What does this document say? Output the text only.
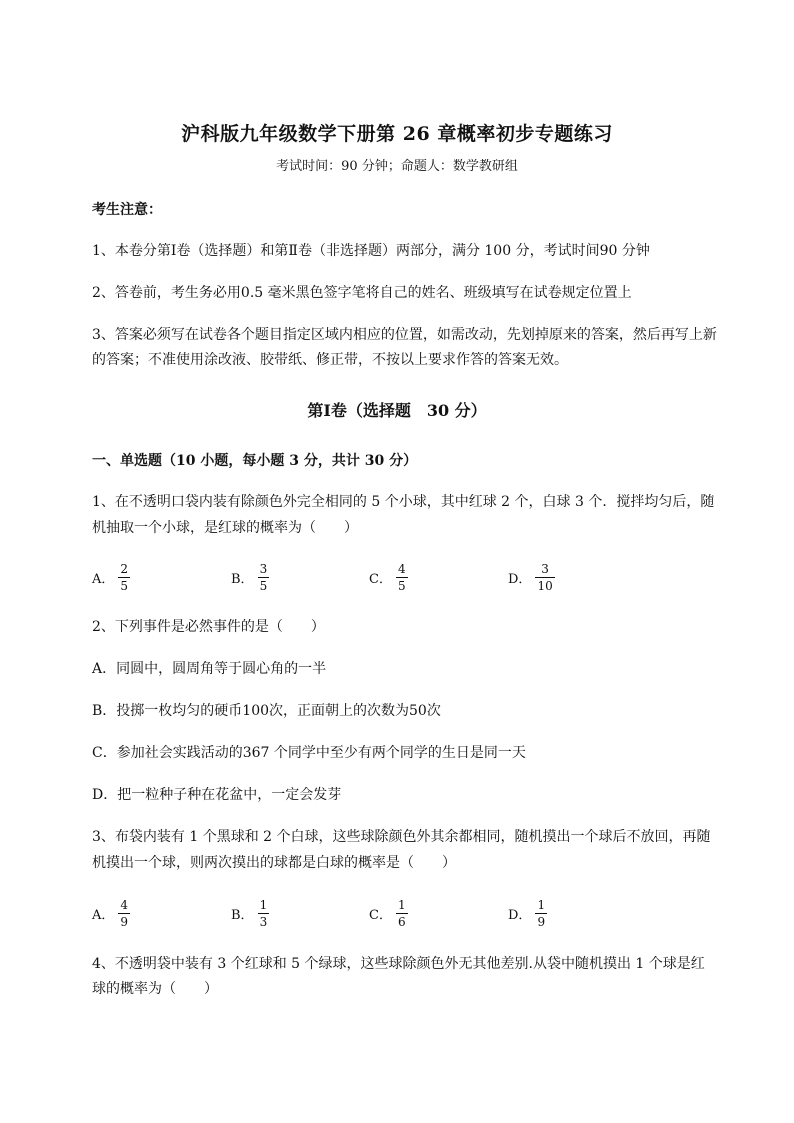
沪科版九年级数学下册第 26 章概率初步专题练习
考试时间：90 分钟；命题人：数学教研组
考生注意：
1、本卷分第Ⅰ卷（选择题）和第Ⅱ卷（非选择题）两部分，满分 100 分，考试时间90 分钟
2、答卷前，考生务必用0.5 毫米黑色签字笔将自己的姓名、班级填写在试卷规定位置上
3、答案必须写在试卷各个题目指定区域内相应的位置，如需改动，先划掉原来的答案，然后再写上新
的答案；不准使用涂改液、胶带纸、修正带，不按以上要求作答的答案无效。
第Ⅰ卷（选择题　30 分）
一、单选题（10 小题，每小题 3 分，共计 30 分）
1、在不透明口袋内装有除颜色外完全相同的 5 个小球，其中红球 2 个，白球 3 个．搅拌均匀后，随
机抽取一个小球，是红球的概率为（　　）
A． $\frac{2}{5}$	B． $\frac{3}{5}$	C． $\frac{4}{5}$	D． $\frac{3}{10}$
2、下列事件是必然事件的是（　　）
A．同圆中，圆周角等于圆心角的一半
B．投掷一枚均匀的硬币100次，正面朝上的次数为50次
C．参加社会实践活动的367 个同学中至少有两个同学的生日是同一天
D．把一粒种子种在花盆中，一定会发芽
3、布袋内装有 1 个黑球和 2 个白球，这些球除颜色外其余都相同，随机摸出一个球后不放回，再随
机摸出一个球，则两次摸出的球都是白球的概率是（　　）
A． $\frac{4}{9}$	B． $\frac{1}{3}$	C． $\frac{1}{6}$	D． $\frac{1}{9}$
4、不透明袋中装有 3 个红球和 5 个绿球，这些球除颜色外无其他差别.从袋中随机摸出 1 个球是红
球的概率为（　　）
